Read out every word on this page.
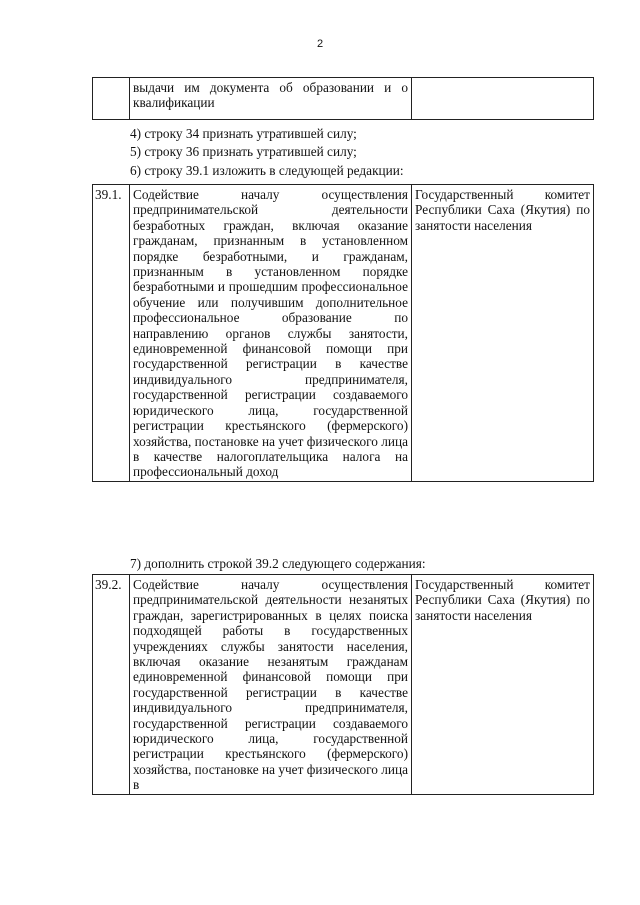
2
	выдачи им документа об образовании и о квалификации	
4) строку 34 признать утратившей силу;
5) строку 36 признать утратившей силу;
6) строку 39.1 изложить в следующей редакции:
39.1.	Содействие началу осуществления предпринимательской деятельности безработных граждан, включая оказание гражданам, признанным в установленном порядке безработными, и гражданам, признанным в установленном порядке безработными и прошедшим профессиональное обучение или получившим дополнительное профессиональное образование по направлению органов службы занятости, единовременной финансовой помощи при государственной регистрации в качестве индивидуального предпринимателя, государственной регистрации создаваемого юридического лица, государственной регистрации крестьянского (фермерского) хозяйства, постановке на учет физического лица в качестве налогоплательщика налога на профессиональный доход	Государственный комитет Республики Саха (Якутия) по занятости населения
7) дополнить строкой 39.2 следующего содержания:
39.2.	Содействие началу осуществления предпринимательской деятельности незанятых граждан, зарегистрированных в целях поиска подходящей работы в государственных учреждениях службы занятости населения, включая оказание незанятым гражданам единовременной финансовой помощи при государственной регистрации в качестве индивидуального предпринимателя, государственной регистрации создаваемого юридического лица, государственной регистрации крестьянского (фермерского) хозяйства, постановке на учет физического лица в	Государственный комитет Республики Саха (Якутия) по занятости населения
